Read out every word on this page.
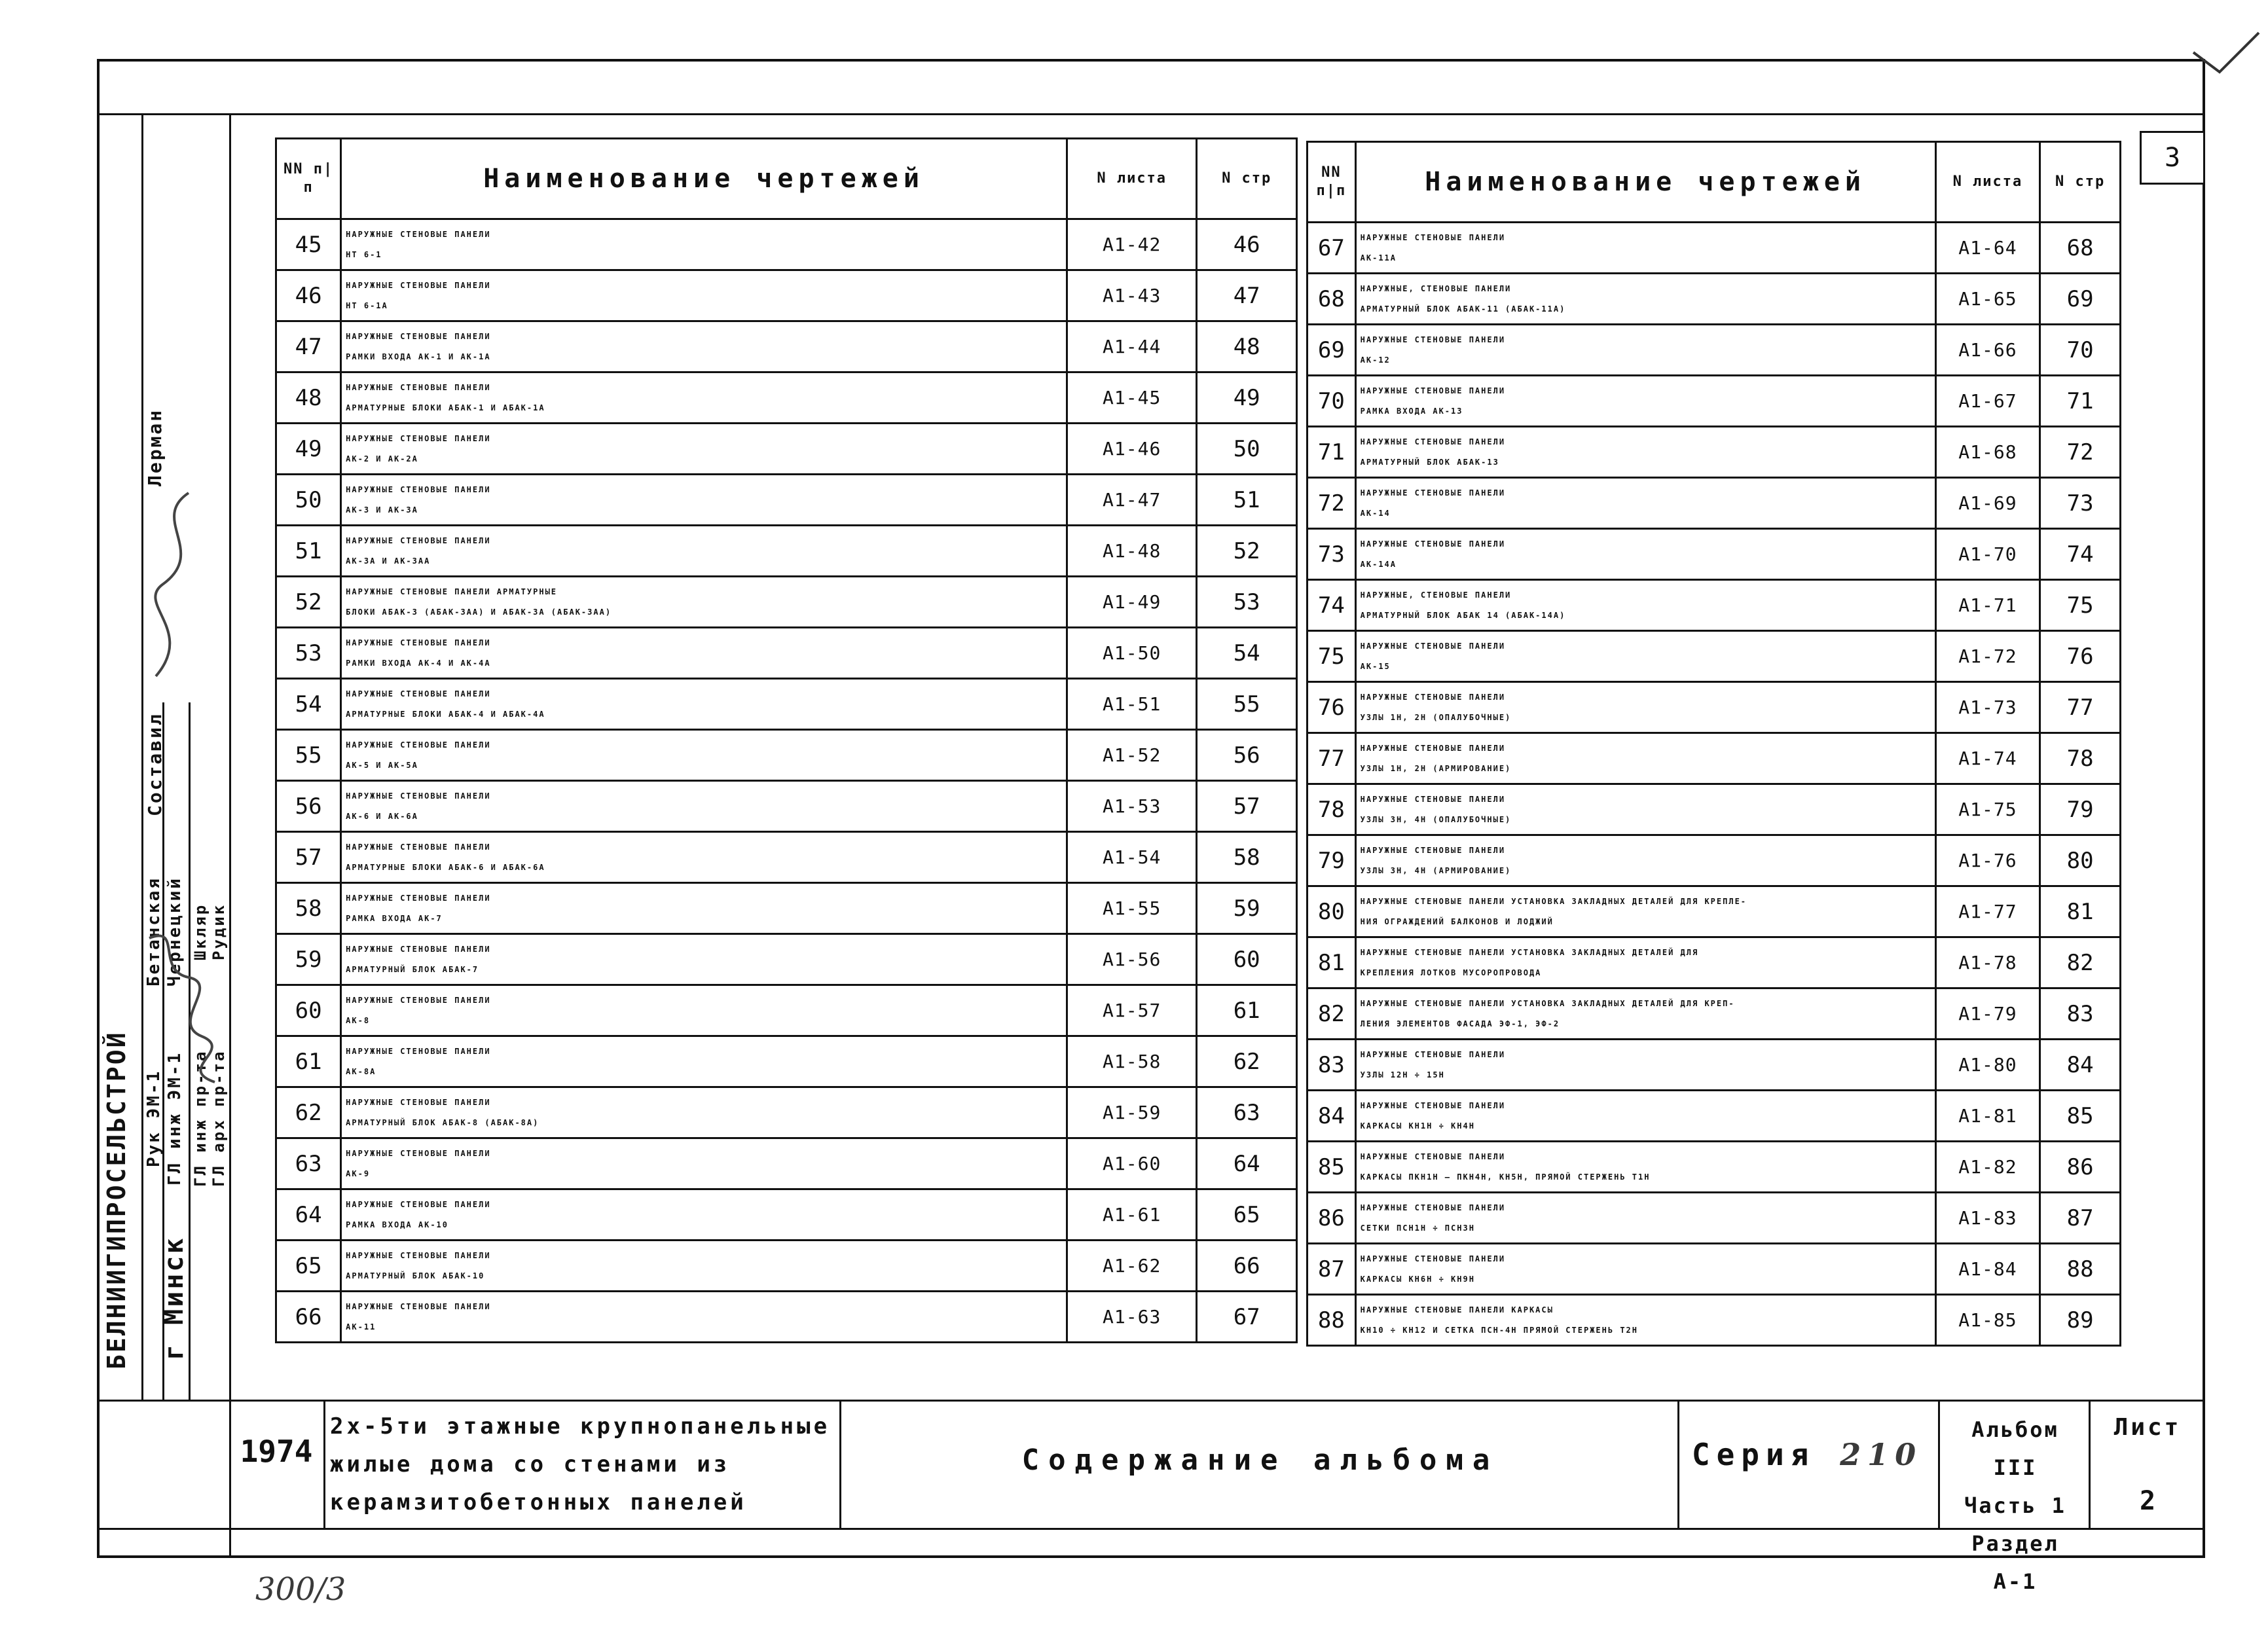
3
NN п|п	Наименование чертежей	N листа	N стр
45	НАРУЖНЫЕ СТЕНОВЫЕ ПАНЕЛИ
НТ 6-1	А1-42	46
46	НАРУЖНЫЕ СТЕНОВЫЕ ПАНЕЛИ
НТ 6-1А	А1-43	47
47	НАРУЖНЫЕ СТЕНОВЫЕ ПАНЕЛИ
РАМКИ ВХОДА АК-1 И АК-1А	А1-44	48
48	НАРУЖНЫЕ СТЕНОВЫЕ ПАНЕЛИ
АРМАТУРНЫЕ БЛОКИ АБАК-1 И АБАК-1А	А1-45	49
49	НАРУЖНЫЕ СТЕНОВЫЕ ПАНЕЛИ
АК-2 И АК-2А	А1-46	50
50	НАРУЖНЫЕ СТЕНОВЫЕ ПАНЕЛИ
АК-3 И АК-3А	А1-47	51
51	НАРУЖНЫЕ СТЕНОВЫЕ ПАНЕЛИ
АК-3А И АК-3АА	А1-48	52
52	НАРУЖНЫЕ СТЕНОВЫЕ ПАНЕЛИ АРМАТУРНЫЕ
БЛОКИ АБАК-3 (АБАК-3АА) И АБАК-3А (АБАК-3АА)	А1-49	53
53	НАРУЖНЫЕ СТЕНОВЫЕ ПАНЕЛИ
РАМКИ ВХОДА АК-4 И АК-4А	А1-50	54
54	НАРУЖНЫЕ СТЕНОВЫЕ ПАНЕЛИ
АРМАТУРНЫЕ БЛОКИ АБАК-4 И АБАК-4А	А1-51	55
55	НАРУЖНЫЕ СТЕНОВЫЕ ПАНЕЛИ
АК-5 И АК-5А	А1-52	56
56	НАРУЖНЫЕ СТЕНОВЫЕ ПАНЕЛИ
АК-6 И АК-6А	А1-53	57
57	НАРУЖНЫЕ СТЕНОВЫЕ ПАНЕЛИ
АРМАТУРНЫЕ БЛОКИ АБАК-6 И АБАК-6А	А1-54	58
58	НАРУЖНЫЕ СТЕНОВЫЕ ПАНЕЛИ
РАМКА ВХОДА АК-7	А1-55	59
59	НАРУЖНЫЕ СТЕНОВЫЕ ПАНЕЛИ
АРМАТУРНЫЙ БЛОК АБАК-7	А1-56	60
60	НАРУЖНЫЕ СТЕНОВЫЕ ПАНЕЛИ
АК-8	А1-57	61
61	НАРУЖНЫЕ СТЕНОВЫЕ ПАНЕЛИ
АК-8А	А1-58	62
62	НАРУЖНЫЕ СТЕНОВЫЕ ПАНЕЛИ
АРМАТУРНЫЙ БЛОК АБАК-8 (АБАК-8А)	А1-59	63
63	НАРУЖНЫЕ СТЕНОВЫЕ ПАНЕЛИ
АК-9	А1-60	64
64	НАРУЖНЫЕ СТЕНОВЫЕ ПАНЕЛИ
РАМКА ВХОДА АК-10	А1-61	65
65	НАРУЖНЫЕ СТЕНОВЫЕ ПАНЕЛИ
АРМАТУРНЫЙ БЛОК АБАК-10	А1-62	66
66	НАРУЖНЫЕ СТЕНОВЫЕ ПАНЕЛИ
АК-11	А1-63	67
NN п|п	Наименование чертежей	N листа	N стр
67	НАРУЖНЫЕ СТЕНОВЫЕ ПАНЕЛИ
АК-11А	А1-64	68
68	НАРУЖНЫЕ, СТЕНОВЫЕ ПАНЕЛИ
АРМАТУРНЫЙ БЛОК АБАК-11 (АБАК-11А)	А1-65	69
69	НАРУЖНЫЕ СТЕНОВЫЕ ПАНЕЛИ
АК-12	А1-66	70
70	НАРУЖНЫЕ СТЕНОВЫЕ ПАНЕЛИ
РАМКА ВХОДА АК-13	А1-67	71
71	НАРУЖНЫЕ СТЕНОВЫЕ ПАНЕЛИ
АРМАТУРНЫЙ БЛОК АБАК-13	А1-68	72
72	НАРУЖНЫЕ СТЕНОВЫЕ ПАНЕЛИ
АК-14	А1-69	73
73	НАРУЖНЫЕ СТЕНОВЫЕ ПАНЕЛИ
АК-14А	А1-70	74
74	НАРУЖНЫЕ, СТЕНОВЫЕ ПАНЕЛИ
АРМАТУРНЫЙ БЛОК АБАК 14 (АБАК-14А)	А1-71	75
75	НАРУЖНЫЕ СТЕНОВЫЕ ПАНЕЛИ
АК-15	А1-72	76
76	НАРУЖНЫЕ СТЕНОВЫЕ ПАНЕЛИ
УЗЛЫ 1Н, 2Н (ОПАЛУБОЧНЫЕ)	А1-73	77
77	НАРУЖНЫЕ СТЕНОВЫЕ ПАНЕЛИ
УЗЛЫ 1Н, 2Н (АРМИРОВАНИЕ)	А1-74	78
78	НАРУЖНЫЕ СТЕНОВЫЕ ПАНЕЛИ
УЗЛЫ 3Н, 4Н (ОПАЛУБОЧНЫЕ)	А1-75	79
79	НАРУЖНЫЕ СТЕНОВЫЕ ПАНЕЛИ
УЗЛЫ 3Н, 4Н (АРМИРОВАНИЕ)	А1-76	80
80	НАРУЖНЫЕ СТЕНОВЫЕ ПАНЕЛИ УСТАНОВКА ЗАКЛАДНЫХ ДЕТАЛЕЙ ДЛЯ КРЕПЛЕ-
НИЯ ОГРАЖДЕНИЙ БАЛКОНОВ И ЛОДЖИЙ	А1-77	81
81	НАРУЖНЫЕ СТЕНОВЫЕ ПАНЕЛИ УСТАНОВКА ЗАКЛАДНЫХ ДЕТАЛЕЙ ДЛЯ
КРЕПЛЕНИЯ ЛОТКОВ МУСОРОПРОВОДА	А1-78	82
82	НАРУЖНЫЕ СТЕНОВЫЕ ПАНЕЛИ УСТАНОВКА ЗАКЛАДНЫХ ДЕТАЛЕЙ ДЛЯ КРЕП-
ЛЕНИЯ ЭЛЕМЕНТОВ ФАСАДА ЭФ-1, ЭФ-2	А1-79	83
83	НАРУЖНЫЕ СТЕНОВЫЕ ПАНЕЛИ
УЗЛЫ 12Н ÷ 15Н	А1-80	84
84	НАРУЖНЫЕ СТЕНОВЫЕ ПАНЕЛИ
КАРКАСЫ КН1Н ÷ КН4Н	А1-81	85
85	НАРУЖНЫЕ СТЕНОВЫЕ ПАНЕЛИ
КАРКАСЫ ПКН1Н — ПКН4Н, КН5Н, ПРЯМОЙ СТЕРЖЕНЬ Т1Н	А1-82	86
86	НАРУЖНЫЕ СТЕНОВЫЕ ПАНЕЛИ
СЕТКИ ПСН1Н ÷ ПСН3Н	А1-83	87
87	НАРУЖНЫЕ СТЕНОВЫЕ ПАНЕЛИ
КАРКАСЫ КН6Н ÷ КН9Н	А1-84	88
88	НАРУЖНЫЕ СТЕНОВЫЕ ПАНЕЛИ КАРКАСЫ
КН10 ÷ КН12 И СЕТКА ПСН-4Н ПРЯМОЙ СТЕРЖЕНЬ Т2Н	А1-85	89
БЕЛНИИГИПРОСЕЛЬСТРОЙ	г Минск
Рук ЭМ-1 ГЛ инж ЭМ-1 ГЛ инж пр-та ГЛ арх пр-та
Бетанская Чернецкий Шкляр Рудик
Составил
Лерман
1974
2х-5ти этажные крупнопанельные
жилые дома со стенами из
керамзитобетонных панелей
Содержание альбома	Серия 210
Альбом III
Часть 1
Раздел А-1
Лист
2
300/3
